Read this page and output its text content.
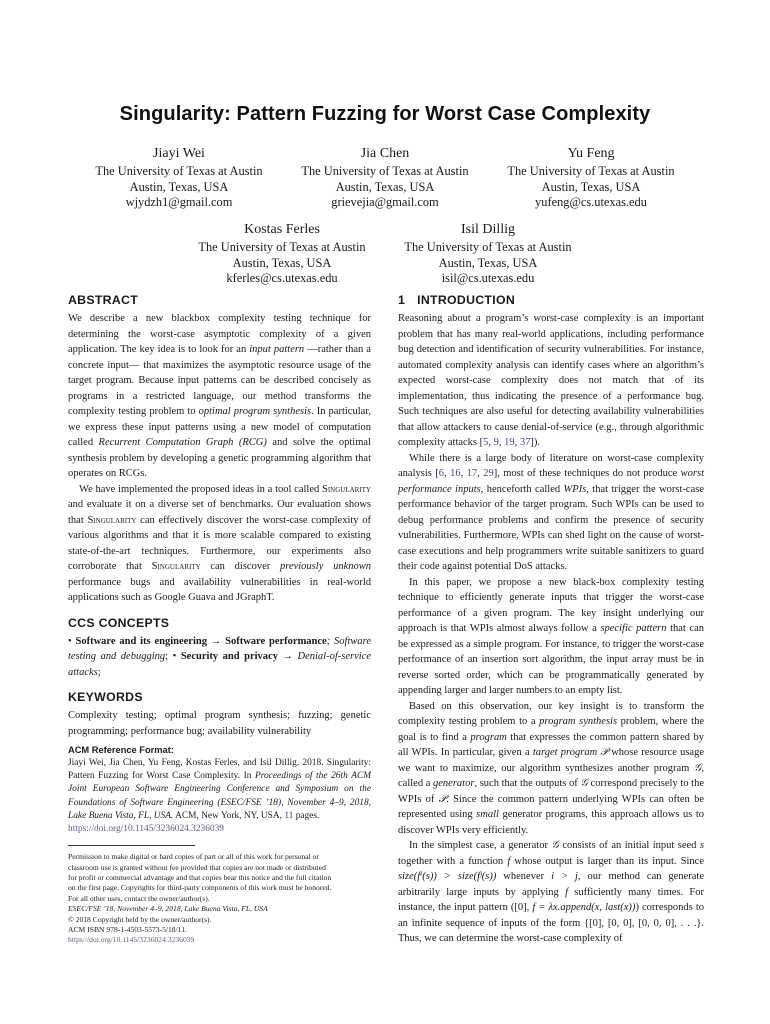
Singularity: Pattern Fuzzing for Worst Case Complexity
Jiayi Wei
The University of Texas at Austin
Austin, Texas, USA
wjydzh1@gmail.com
Jia Chen
The University of Texas at Austin
Austin, Texas, USA
grievejia@gmail.com
Yu Feng
The University of Texas at Austin
Austin, Texas, USA
yufeng@cs.utexas.edu
Kostas Ferles
The University of Texas at Austin
Austin, Texas, USA
kferles@cs.utexas.edu
Isil Dillig
The University of Texas at Austin
Austin, Texas, USA
isil@cs.utexas.edu
ABSTRACT

We describe a new blackbox complexity testing technique for determining the worst-case asymptotic complexity of a given application. The key idea is to look for an input pattern —rather than a concrete input— that maximizes the asymptotic resource usage of the target program. Because input patterns can be described concisely as programs in a restricted language, our method transforms the complexity testing problem to optimal program synthesis. In particular, we express these input patterns using a new model of computation called Recurrent Computation Graph (RCG) and solve the optimal synthesis problem by developing a genetic programming algorithm that operates on RCGs.

We have implemented the proposed ideas in a tool called Singularity and evaluate it on a diverse set of benchmarks. Our evaluation shows that Singularity can effectively discover the worst-case complexity of various algorithms and that it is more scalable compared to existing state-of-the-art techniques. Furthermore, our experiments also corroborate that Singularity can discover previously unknown performance bugs and availability vulnerabilities in real-world applications such as Google Guava and JGraphT.

CCS CONCEPTS

• Software and its engineering → Software performance; Software testing and debugging; • Security and privacy → Denial-of-service attacks;

KEYWORDS

Complexity testing; optimal program synthesis; fuzzing; genetic programming; performance bug; availability vulnerability

ACM Reference Format:
Jiayi Wei, Jia Chen, Yu Feng, Kostas Ferles, and Isil Dillig. 2018. Singularity: Pattern Fuzzing for Worst Case Complexity. In Proceedings of the 26th ACM Joint European Software Engineering Conference and Symposium on the Foundations of Software Engineering (ESEC/FSE ’18), November 4–9, 2018, Lake Buena Vista, FL, USA. ACM, New York, NY, USA, 11 pages.
https://doi.org/10.1145/3236024.3236039
Permission to make digital or hard copies of part or all of this work for personal or
classroom use is granted without fee provided that copies are not made or distributed
for profit or commercial advantage and that copies bear this notice and the full citation
on the first page. Copyrights for third-party components of this work must be honored.
For all other uses, contact the owner/author(s).
ESEC/FSE ’18, November 4–9, 2018, Lake Buena Vista, FL, USA
© 2018 Copyright held by the owner/author(s).
ACM ISBN 978-1-4503-5573-5/18/11.
https://doi.org/10.1145/3236024.3236039
1 INTRODUCTION

Reasoning about a program’s worst-case complexity is an important problem that has many real-world applications, including performance bug detection and identification of security vulnerabilities. For instance, automated complexity analysis can identify cases where an algorithm’s expected worst-case complexity does not match that of its implementation, thus indicating the presence of a performance bug. Such techniques are also useful for detecting availability vulnerabilities that allow attackers to cause denial-of-service (e.g., through algorithmic complexity attacks [5, 9, 19, 37]).

While there is a large body of literature on worst-case complexity analysis [6, 16, 17, 29], most of these techniques do not produce worst performance inputs, henceforth called WPIs, that trigger the worst-case performance behavior of the target program. Such WPIs can be used to debug performance problems and confirm the presence of security vulnerabilities. Furthermore, WPIs can shed light on the cause of worst-case executions and help programmers write suitable sanitizers to guard their code against potential DoS attacks.

In this paper, we propose a new black-box complexity testing technique to efficiently generate inputs that trigger the worst-case performance of a given program. The key insight underlying our approach is that WPIs almost always follow a specific pattern that can be expressed as a simple program. For instance, to trigger the worst-case performance of an insertion sort algorithm, the input array must be in reverse sorted order, which can be programmatically generated by appending larger and larger numbers to an empty list.

Based on this observation, our key insight is to transform the complexity testing problem to a program synthesis problem, where the goal is to find a program that expresses the common pattern shared by all WPIs. In particular, given a target program 𝒫 whose resource usage we want to maximize, our algorithm synthesizes another program 𝒢, called a generator, such that the outputs of 𝒢 correspond precisely to the WPIs of 𝒫. Since the common pattern underlying WPIs can often be represented using small generator programs, this approach allows us to discover WPIs very efficiently.

In the simplest case, a generator 𝒢 consists of an initial input seed s together with a function f whose output is larger than its input. Since size(fⁱ(s)) > size(fʲ(s)) whenever i > j, our method can generate arbitrarily large inputs by applying f sufficiently many times. For instance, the input pattern ([0], f = λx.append(x, last(x))) corresponds to an infinite sequence of inputs of the form {[0], [0, 0], [0, 0, 0], . . .}. Thus, we can determine the worst-case complexity of
